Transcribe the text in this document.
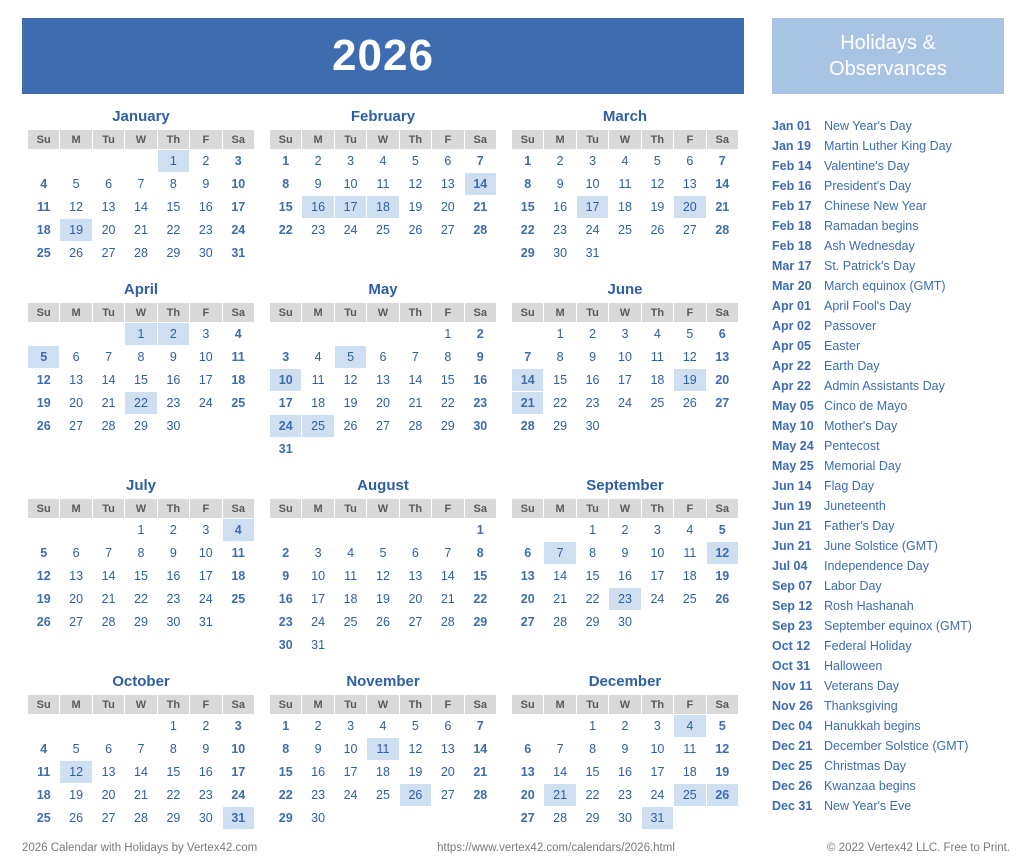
2026	Holidays &
Observances
January
Su	M	Tu	W	Th	F	Sa
				1	2	3
4	5	6	7	8	9	10
11	12	13	14	15	16	17
18	19	20	21	22	23	24
25	26	27	28	29	30	31
February
Su	M	Tu	W	Th	F	Sa
1	2	3	4	5	6	7
8	9	10	11	12	13	14
15	16	17	18	19	20	21
22	23	24	25	26	27	28
March
Su	M	Tu	W	Th	F	Sa
1	2	3	4	5	6	7
8	9	10	11	12	13	14
15	16	17	18	19	20	21
22	23	24	25	26	27	28
29	30	31				
April
Su	M	Tu	W	Th	F	Sa
			1	2	3	4
5	6	7	8	9	10	11
12	13	14	15	16	17	18
19	20	21	22	23	24	25
26	27	28	29	30		
May
Su	M	Tu	W	Th	F	Sa
					1	2
3	4	5	6	7	8	9
10	11	12	13	14	15	16
17	18	19	20	21	22	23
24	25	26	27	28	29	30
31						
June
Su	M	Tu	W	Th	F	Sa
	1	2	3	4	5	6
7	8	9	10	11	12	13
14	15	16	17	18	19	20
21	22	23	24	25	26	27
28	29	30				
July
Su	M	Tu	W	Th	F	Sa
			1	2	3	4
5	6	7	8	9	10	11
12	13	14	15	16	17	18
19	20	21	22	23	24	25
26	27	28	29	30	31	
August
Su	M	Tu	W	Th	F	Sa
						1
2	3	4	5	6	7	8
9	10	11	12	13	14	15
16	17	18	19	20	21	22
23	24	25	26	27	28	29
30	31					
September
Su	M	Tu	W	Th	F	Sa
		1	2	3	4	5
6	7	8	9	10	11	12
13	14	15	16	17	18	19
20	21	22	23	24	25	26
27	28	29	30			
October
Su	M	Tu	W	Th	F	Sa
				1	2	3
4	5	6	7	8	9	10
11	12	13	14	15	16	17
18	19	20	21	22	23	24
25	26	27	28	29	30	31
November
Su	M	Tu	W	Th	F	Sa
1	2	3	4	5	6	7
8	9	10	11	12	13	14
15	16	17	18	19	20	21
22	23	24	25	26	27	28
29	30					
December
Su	M	Tu	W	Th	F	Sa
		1	2	3	4	5
6	7	8	9	10	11	12
13	14	15	16	17	18	19
20	21	22	23	24	25	26
27	28	29	30	31		
Jan 01	New Year's Day
Jan 19	Martin Luther King Day
Feb 14 Valentine's Day
Feb 16 President's Day
Feb 17 Chinese New Year
Feb 18 Ramadan begins
Feb 18 Ash Wednesday
Mar 17 St. Patrick's Day
Mar 20 March equinox (GMT)
Apr 01	April Fool's Day
Apr 02	Passover
Apr 05	Easter
Apr 22	Earth Day
Apr 22	Admin Assistants Day
May 05 Cinco de Mayo
May 10 Mother's Day
May 24 Pentecost
May 25 Memorial Day
Jun 14 Flag Day
Jun 19 Juneteenth
Jun 21 Father's Day
Jun 21 June Solstice (GMT)
Jul 04	Independence Day
Sep 07 Labor Day
Sep 12 Rosh Hashanah
Sep 23 September equinox (GMT)
Oct 12	Federal Holiday
Oct 31	Halloween
Nov 11 Veterans Day
Nov 26 Thanksgiving
Dec 04 Hanukkah begins
Dec 21 December Solstice (GMT)
Dec 25 Christmas Day
Dec 26 Kwanzaa begins
Dec 31 New Year's Eve
2026 Calendar with Holidays by Vertex42.com	https://www.vertex42.com/calendars/2026.html	© 2022 Vertex42 LLC. Free to Print.
